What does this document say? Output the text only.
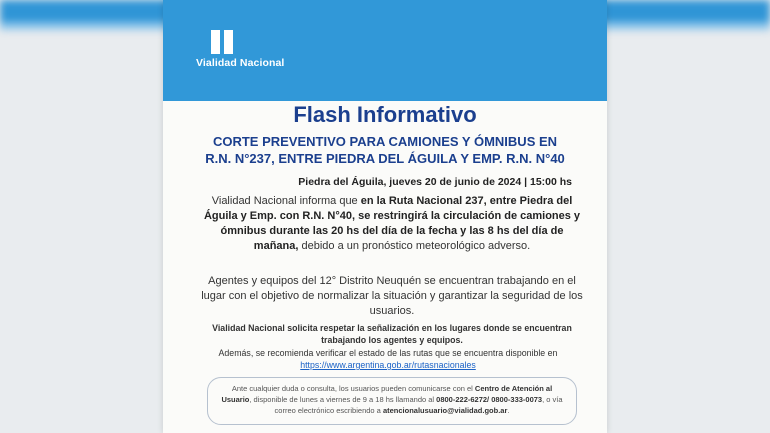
Vialidad Nacional
Flash Informativo
CORTE PREVENTIVO PARA CAMIONES Y ÓMNIBUS EN
R.N. N°237, ENTRE PIEDRA DEL ÁGUILA Y EMP. R.N. N°40
Piedra del Águila, jueves 20 de junio de 2024 | 15:00 hs
Vialidad Nacional informa que en la Ruta Nacional 237, entre Piedra del Águila y Emp. con R.N. N°40, se restringirá la circulación de camiones y ómnibus durante las 20 hs del día de la fecha y las 8 hs del día de mañana, debido a un pronóstico meteorológico adverso.
Agentes y equipos del 12° Distrito Neuquén se encuentran trabajando en el lugar con el objetivo de normalizar la situación y garantizar la seguridad de los usuarios.
Vialidad Nacional solicita respetar la señalización en los lugares donde se encuentran trabajando los agentes y equipos.
Además, se recomienda verificar el estado de las rutas que se encuentra disponible en
https://www.argentina.gob.ar/rutasnacionales
Ante cualquier duda o consulta, los usuarios pueden comunicarse con el Centro de Atención al Usuario, disponible de lunes a viernes de 9 a 18 hs llamando al 0800-222-6272/ 0800-333-0073, o vía correo electrónico escribiendo a atencionalusuario@vialidad.gob.ar.
